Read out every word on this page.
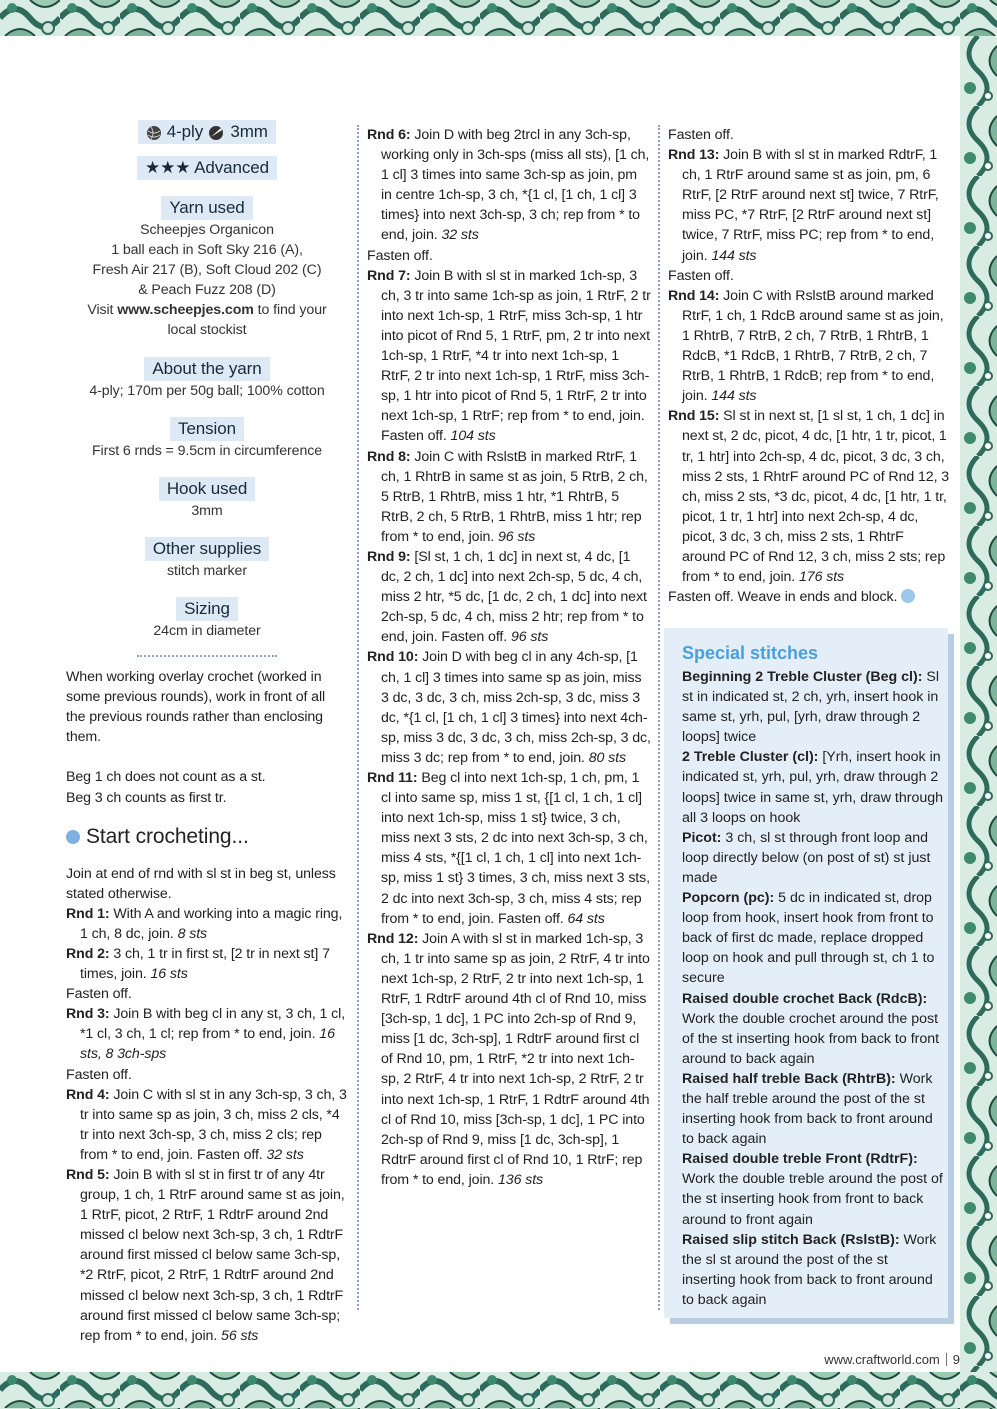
4-ply 3mm
★★★ Advanced
Yarn used
Scheepjes Organicon
1 ball each in Soft Sky 216 (A),
Fresh Air 217 (B), Soft Cloud 202 (C)
& Peach Fuzz 208 (D)
Visit www.scheepjes.com to find your
local stockist
About the yarn
4-ply; 170m per 50g ball; 100% cotton
Tension
First 6 rnds = 9.5cm in circumference
Hook used
3mm
Other supplies
stitch marker
Sizing
24cm in diameter

When working overlay crochet (worked in some previous rounds), work in front of all the previous rounds rather than enclosing them.

Beg 1 ch does not count as a st.

Beg 3 ch counts as first tr.

Start crocheting...

Join at end of rnd with sl st in beg st, unless stated otherwise.

Rnd 1: With A and working into a magic ring, 1 ch, 8 dc, join. 8 sts

Rnd 2: 3 ch, 1 tr in first st, [2 tr in next st] 7 times, join. 16 sts

Fasten off.

Rnd 3: Join B with beg cl in any st, 3 ch, 1 cl, *1 cl, 3 ch, 1 cl; rep from * to end, join. 16 sts, 8 3ch-sps

Fasten off.

Rnd 4: Join C with sl st in any 3ch-sp, 3 ch, 3 tr into same sp as join, 3 ch, miss 2 cls, *4 tr into next 3ch-sp, 3 ch, miss 2 cls; rep from * to end, join. Fasten off. 32 sts

Rnd 5: Join B with sl st in first tr of any 4tr group, 1 ch, 1 RtrF around same st as join, 1 RtrF, picot, 2 RtrF, 1 RdtrF around 2nd missed cl below next 3ch-sp, 3 ch, 1 RdtrF around first missed cl below same 3ch-sp, *2 RtrF, picot, 2 RtrF, 1 RdtrF around 2nd missed cl below next 3ch-sp, 3 ch, 1 RdtrF around first missed cl below same 3ch-sp; rep from * to end, join. 56 sts

Rnd 6: Join D with beg 2trcl in any 3ch-sp, working only in 3ch-sps (miss all sts), [1 ch, 1 cl] 3 times into same 3ch-sp as join, pm in centre 1ch-sp, 3 ch, *{1 cl, [1 ch, 1 cl] 3 times} into next 3ch-sp, 3 ch; rep from * to end, join. 32 sts

Fasten off.

Rnd 7: Join B with sl st in marked 1ch-sp, 3 ch, 3 tr into same 1ch-sp as join, 1 RtrF, 2 tr into next 1ch-sp, 1 RtrF, miss 3ch-sp, 1 htr into picot of Rnd 5, 1 RtrF, pm, 2 tr into next 1ch-sp, 1 RtrF, *4 tr into next 1ch-sp, 1 RtrF, 2 tr into next 1ch-sp, 1 RtrF, miss 3ch-sp, 1 htr into picot of Rnd 5, 1 RtrF, 2 tr into next 1ch-sp, 1 RtrF; rep from * to end, join. Fasten off. 104 sts

Rnd 8: Join C with RslstB in marked RtrF, 1 ch, 1 RhtrB in same st as join, 5 RtrB, 2 ch, 5 RtrB, 1 RhtrB, miss 1 htr, *1 RhtrB, 5 RtrB, 2 ch, 5 RtrB, 1 RhtrB, miss 1 htr; rep from * to end, join. 96 sts

Rnd 9: [Sl st, 1 ch, 1 dc] in next st, 4 dc, [1 dc, 2 ch, 1 dc] into next 2ch-sp, 5 dc, 4 ch, miss 2 htr, *5 dc, [1 dc, 2 ch, 1 dc] into next 2ch-sp, 5 dc, 4 ch, miss 2 htr; rep from * to end, join. Fasten off. 96 sts

Rnd 10: Join D with beg cl in any 4ch-sp, [1 ch, 1 cl] 3 times into same sp as join, miss 3 dc, 3 dc, 3 ch, miss 2ch-sp, 3 dc, miss 3 dc, *{1 cl, [1 ch, 1 cl] 3 times} into next 4ch-sp, miss 3 dc, 3 dc, 3 ch, miss 2ch-sp, 3 dc, miss 3 dc; rep from * to end, join. 80 sts

Rnd 11: Beg cl into next 1ch-sp, 1 ch, pm, 1 cl into same sp, miss 1 st, {[1 cl, 1 ch, 1 cl] into next 1ch-sp, miss 1 st} twice, 3 ch, miss next 3 sts, 2 dc into next 3ch-sp, 3 ch, miss 4 sts, *{[1 cl, 1 ch, 1 cl] into next 1ch-sp, miss 1 st} 3 times, 3 ch, miss next 3 sts, 2 dc into next 3ch-sp, 3 ch, miss 4 sts; rep from * to end, join. Fasten off. 64 sts

Rnd 12: Join A with sl st in marked 1ch-sp, 3 ch, 1 tr into same sp as join, 2 RtrF, 4 tr into next 1ch-sp, 2 RtrF, 2 tr into next 1ch-sp, 1 RtrF, 1 RdtrF around 4th cl of Rnd 10, miss [3ch-sp, 1 dc], 1 PC into 2ch-sp of Rnd 9, miss [1 dc, 3ch-sp], 1 RdtrF around first cl of Rnd 10, pm, 1 RtrF, *2 tr into next 1ch-sp, 2 RtrF, 4 tr into next 1ch-sp, 2 RtrF, 2 tr into next 1ch-sp, 1 RtrF, 1 RdtrF around 4th cl of Rnd 10, miss [3ch-sp, 1 dc], 1 PC into 2ch-sp of Rnd 9, miss [1 dc, 3ch-sp], 1 RdtrF around first cl of Rnd 10, 1 RtrF; rep from * to end, join. 136 sts

Fasten off.

Rnd 13: Join B with sl st in marked RdtrF, 1 ch, 1 RtrF around same st as join, pm, 6 RtrF, [2 RtrF around next st] twice, 7 RtrF, miss PC, *7 RtrF, [2 RtrF around next st] twice, 7 RtrF, miss PC; rep from * to end, join. 144 sts

Fasten off.

Rnd 14: Join C with RslstB around marked RtrF, 1 ch, 1 RdcB around same st as join, 1 RhtrB, 7 RtrB, 2 ch, 7 RtrB, 1 RhtrB, 1 RdcB, *1 RdcB, 1 RhtrB, 7 RtrB, 2 ch, 7 RtrB, 1 RhtrB, 1 RdcB; rep from * to end, join. 144 sts

Rnd 15: Sl st in next st, [1 sl st, 1 ch, 1 dc] in next st, 2 dc, picot, 4 dc, [1 htr, 1 tr, picot, 1 tr, 1 htr] into 2ch-sp, 4 dc, picot, 3 dc, 3 ch, miss 2 sts, 1 RhtrF around PC of Rnd 12, 3 ch, miss 2 sts, *3 dc, picot, 4 dc, [1 htr, 1 tr, picot, 1 tr, 1 htr] into next 2ch-sp, 4 dc, picot, 3 dc, 3 ch, miss 2 sts, 1 RhtrF around PC of Rnd 12, 3 ch, miss 2 sts; rep from * to end, join. 176 sts

Fasten off. Weave in ends and block.

Special stitches

Beginning 2 Treble Cluster (Beg cl): Sl st in indicated st, 2 ch, yrh, insert hook in same st, yrh, pul, [yrh, draw through 2 loops] twice

2 Treble Cluster (cl): [Yrh, insert hook in indicated st, yrh, pul, yrh, draw through 2 loops] twice in same st, yrh, draw through all 3 loops on hook

Picot: 3 ch, sl st through front loop and loop directly below (on post of st) st just made

Popcorn (pc): 5 dc in indicated st, drop loop from hook, insert hook from front to back of first dc made, replace dropped loop on hook and pull through st, ch 1 to secure

Raised double crochet Back (RdcB): Work the double crochet around the post of the st inserting hook from back to front around to back again

Raised half treble Back (RhtrB): Work the half treble around the post of the st inserting hook from back to front around to back again

Raised double treble Front (RdtrF): Work the double treble around the post of the st inserting hook from front to back around to front again

Raised slip stitch Back (RslstB): Work the sl st around the post of the st inserting hook from back to front around to back again

www.craftworld.com 9
